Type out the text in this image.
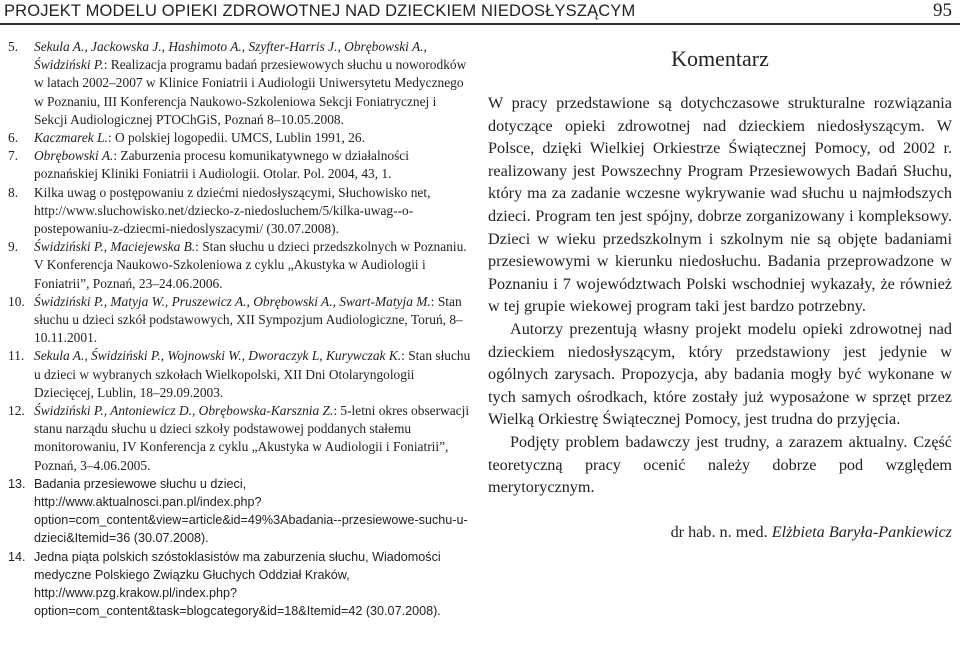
PROJEKT MODELU OPIEKI ZDROWOTNEJ NAD DZIECKIEM NIEDOSŁYSZĄCYM	95
5.	Sekula A., Jackowska J., Hashimoto A., Szyfter-Harris J., Obrębowski A., Świdziński P.: Realizacja programu badań przesiewowych słuchu u noworodków w latach 2002–2007 w Klinice Foniatrii i Audiologii Uniwersytetu Medycznego w Poznaniu, III Konferencja Naukowo-Szkoleniowa Sekcji Foniatrycznej i Sekcji Audiologicznej PTOChGiS, Poznań 8–10.05.2008.
6.	Kaczmarek L.: O polskiej logopedii. UMCS, Lublin 1991, 26.
7.	Obrębowski A.: Zaburzenia procesu komunikatywnego w działalności poznańskiej Kliniki Foniatrii i Audiologii. Otolar. Pol. 2004, 43, 1.
8.	Kilka uwag o postępowaniu z dziećmi niedosłyszącymi, Słuchowisko net, http://www.sluchowisko.net/dziecko-z-niedosluchem/5/kilka-uwag--o-postepowaniu-z-dziecmi-niedoslyszacymi/ (30.07.2008).
9.	Świdziński P., Maciejewska B.: Stan słuchu u dzieci przedszkolnych w Poznaniu. V Konferencja Naukowo-Szkoleniowa z cyklu „Akustyka w Audiologii i Foniatrii”, Poznań, 23–24.06.2006.
10. Świdziński P., Matyja W., Pruszewicz A., Obrębowski A., Swart-Matyja M.: Stan słuchu u dzieci szkół podstawowych, XII Sympozjum Audiologiczne, Toruń, 8–10.11.2001.
11. Sekula A., Świdziński P., Wojnowski W., Dworaczyk L, Kurywczak K.: Stan słuchu u dzieci w wybranych szkołach Wielkopolski, XII Dni Otolaryngologii Dziecięcej, Lublin, 18–29.09.2003.
12. Świdziński P., Antoniewicz D., Obrębowska-Karsznia Z.: 5-letni okres obserwacji stanu narządu słuchu u dzieci szkoły podstawowej poddanych stałemu monitorowaniu, IV Konferencja z cyklu „Akustyka w Audiologii i Foniatrii”, Poznań, 3–4.06.2005.
13. Badania przesiewowe słuchu u dzieci, http://www.aktualnosci.pan.pl/index.php?option=com_content&view=article&id=49%3Abadania--przesiewowe-suchu-u-dzieci&Itemid=36 (30.07.2008).
14. Jedna piąta polskich szóstoklasistów ma zaburzenia słuchu, Wiadomości medyczne Polskiego Związku Głuchych Oddział Kraków, http://www.pzg.krakow.pl/index.php?option=com_content&task=blogcategory&id=18&Itemid=42 (30.07.2008).
Komentarz

W pracy przedstawione są dotychczasowe strukturalne rozwiązania dotyczące opieki zdrowotnej nad dzieckiem niedosłyszącym. W Polsce, dzięki Wielkiej Orkiestrze Świątecznej Pomocy, od 2002 r. realizowany jest Powszechny Program Przesiewowych Badań Słuchu, który ma za zadanie wczesne wykrywanie wad słuchu u najmłodszych dzieci. Program ten jest spójny, dobrze zorganizowany i kompleksowy. Dzieci w wieku przedszkolnym i szkolnym nie są objęte badaniami przesiewowymi w kierunku niedosłuchu. Badania przeprowadzone w Poznaniu i 7 województwach Polski wschodniej wykazały, że również w tej grupie wiekowej program taki jest bardzo potrzebny.

Autorzy prezentują własny projekt modelu opieki zdrowotnej nad dzieckiem niedosłyszącym, który przedstawiony jest jedynie w ogólnych zarysach. Propozycja, aby badania mogły być wykonane w tych samych ośrodkach, które zostały już wyposażone w sprzęt przez Wielką Orkiestrę Świątecznej Pomocy, jest trudna do przyjęcia.

Podjęty problem badawczy jest trudny, a zarazem aktualny. Część teoretyczną pracy ocenić należy dobrze pod względem merytorycznym.

dr hab. n. med. Elżbieta Baryła-Pankiewicz
